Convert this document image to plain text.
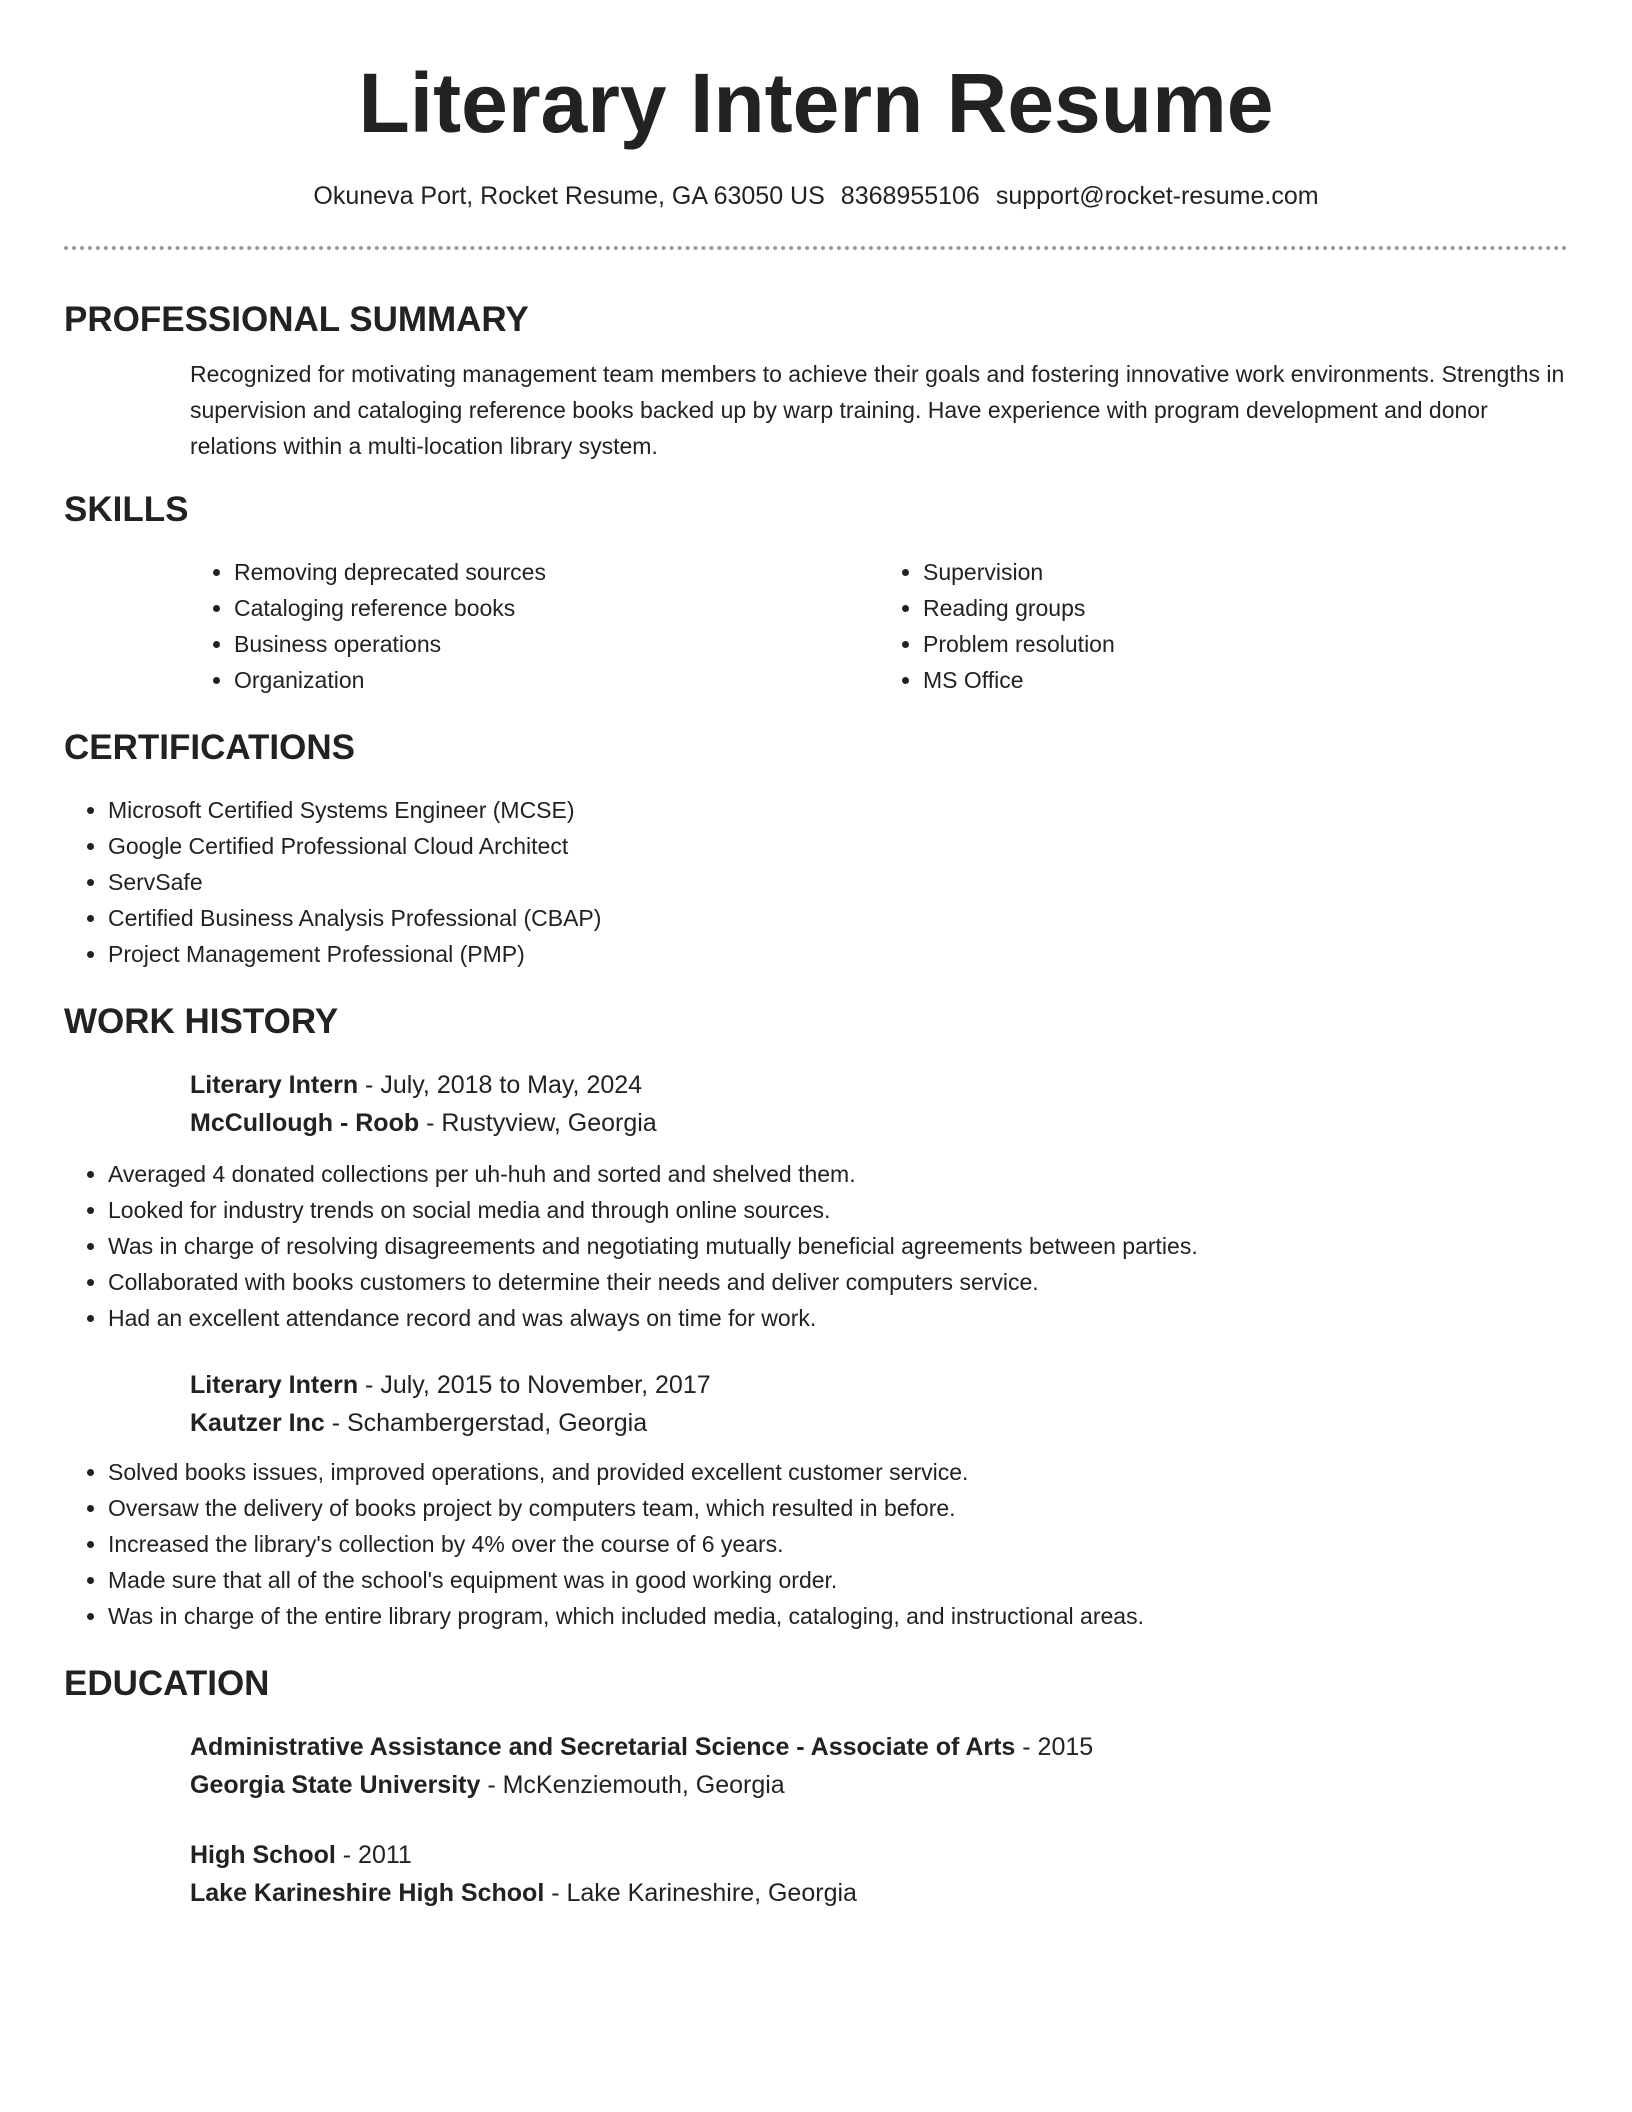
Literary Intern Resume
Okuneva Port, Rocket Resume, GA 63050 US 8368955106 support@rocket-resume.com
PROFESSIONAL SUMMARY
Recognized for motivating management team members to achieve their goals and fostering innovative work environments. Strengths in supervision and cataloging reference books backed up by warp training. Have experience with program development and donor relations within a multi-location library system.
SKILLS
• Removing deprecated sources
• Cataloging reference books
• Business operations
• Organization
• Supervision
• Reading groups
• Problem resolution
• MS Office
CERTIFICATIONS
• Microsoft Certified Systems Engineer (MCSE)
• Google Certified Professional Cloud Architect
• ServSafe
• Certified Business Analysis Professional (CBAP)
• Project Management Professional (PMP)
WORK HISTORY
Literary Intern - July, 2018 to May, 2024
McCullough - Roob - Rustyview, Georgia
• Averaged 4 donated collections per uh-huh and sorted and shelved them.
• Looked for industry trends on social media and through online sources.
• Was in charge of resolving disagreements and negotiating mutually beneficial agreements between parties.
• Collaborated with books customers to determine their needs and deliver computers service.
• Had an excellent attendance record and was always on time for work.
Literary Intern - July, 2015 to November, 2017
Kautzer Inc - Schambergerstad, Georgia
• Solved books issues, improved operations, and provided excellent customer service.
• Oversaw the delivery of books project by computers team, which resulted in before.
• Increased the library's collection by 4% over the course of 6 years.
• Made sure that all of the school's equipment was in good working order.
• Was in charge of the entire library program, which included media, cataloging, and instructional areas.
EDUCATION
Administrative Assistance and Secretarial Science - Associate of Arts - 2015
Georgia State University - McKenziemouth, Georgia
High School - 2011
Lake Karineshire High School - Lake Karineshire, Georgia
